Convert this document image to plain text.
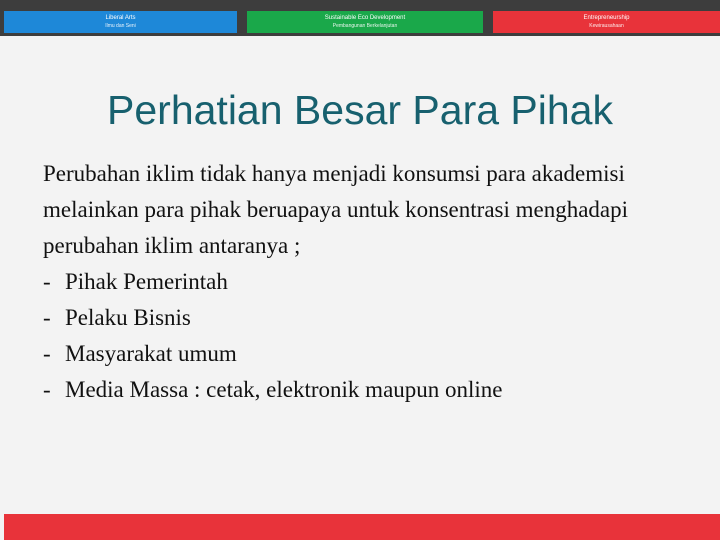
Liberal Arts
Ilmu dan Seni
Sustainable Eco Development
Pembangunan Berkelanjutan
Entrepreneurship
Kewirausahaan
Perhatian Besar Para Pihak

Perubahan iklim tidak hanya menjadi konsumsi para akademisi melainkan para pihak beruapaya untuk konsentrasi menghadapi perubahan iklim antaranya ;

- Pihak Pemerintah
- Pelaku Bisnis
- Masyarakat umum
- Media Massa : cetak, elektronik maupun online
